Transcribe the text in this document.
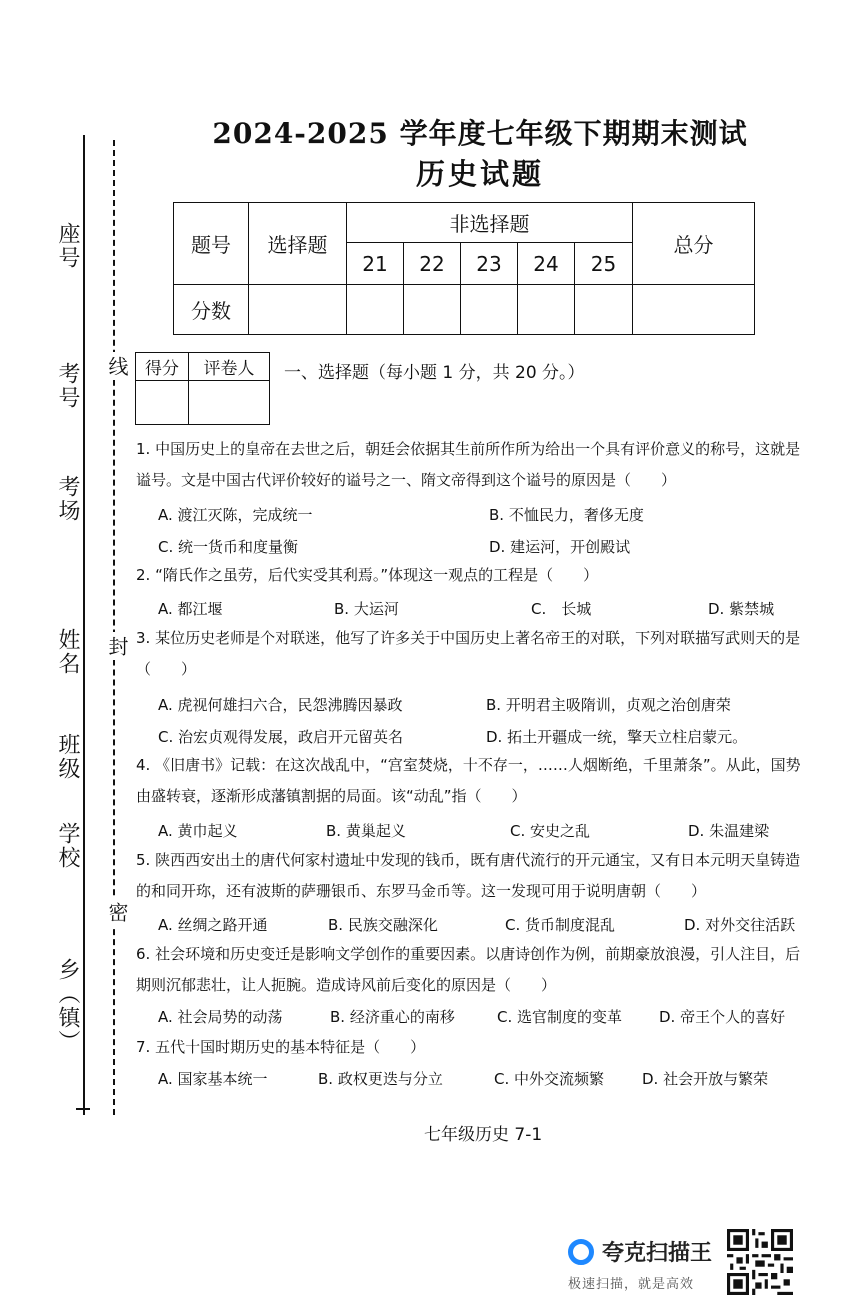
座号
考号
考场
姓名
班级
学校
乡（镇）
线
封
密
2024-2025 学年度七年级下期期末测试
历史试题
题号	选择题	非选择题					总分
		21	22	23	24	25	
分数							
得分	评卷人
	一、选择题（每小题 1 分，共 20 分。）
1. 中国历史上的皇帝在去世之后，朝廷会依据其生前所作所为给出一个具有评价意义的称号，这就是谥号。文是中国古代评价较好的谥号之一、隋文帝得到这个谥号的原因是（　　）
A. 渡江灭陈，完成统一	B. 不恤民力，奢侈无度
C. 统一货币和度量衡	D. 建运河，开创殿试
2. “隋氏作之虽劳，后代实受其利焉。”体现这一观点的工程是（　　）
A. 都江堰	B. 大运河	C.　长城	D. 紫禁城
3. 某位历史老师是个对联迷，他写了许多关于中国历史上著名帝王的对联，下列对联描写武则天的是（　　）
A. 虎视何雄扫六合，民怨沸腾因暴政	B. 开明君主吸隋训，贞观之治创唐荣
C. 治宏贞观得发展，政启开元留英名	D. 拓土开疆成一统，擎天立柱启蒙元。
4. 《旧唐书》记载：在这次战乱中，“宫室焚烧，十不存一，……人烟断绝，千里萧条”。从此，国势由盛转衰，逐渐形成藩镇割据的局面。该“动乱”指（　　）
A. 黄巾起义	B. 黄巢起义	C. 安史之乱	D. 朱温建梁
5. 陕西西安出土的唐代何家村遗址中发现的钱币，既有唐代流行的开元通宝，又有日本元明天皇铸造的和同开珎，还有波斯的萨珊银币、东罗马金币等。这一发现可用于说明唐朝（　　）
A. 丝绸之路开通	B. 民族交融深化	C. 货币制度混乱	D. 对外交往活跃
6. 社会环境和历史变迁是影响文学创作的重要因素。以唐诗创作为例，前期豪放浪漫，引人注目，后期则沉郁悲壮，让人扼腕。造成诗风前后变化的原因是（　　）
A. 社会局势的动荡	B. 经济重心的南移	C. 选官制度的变革 D. 帝王个人的喜好
7. 五代十国时期历史的基本特征是（　　）
A. 国家基本统一	B. 政权更迭与分立	C. 中外交流频繁	D. 社会开放与繁荣
七年级历史 7-1
夸克扫描王
极速扫描，就是高效
